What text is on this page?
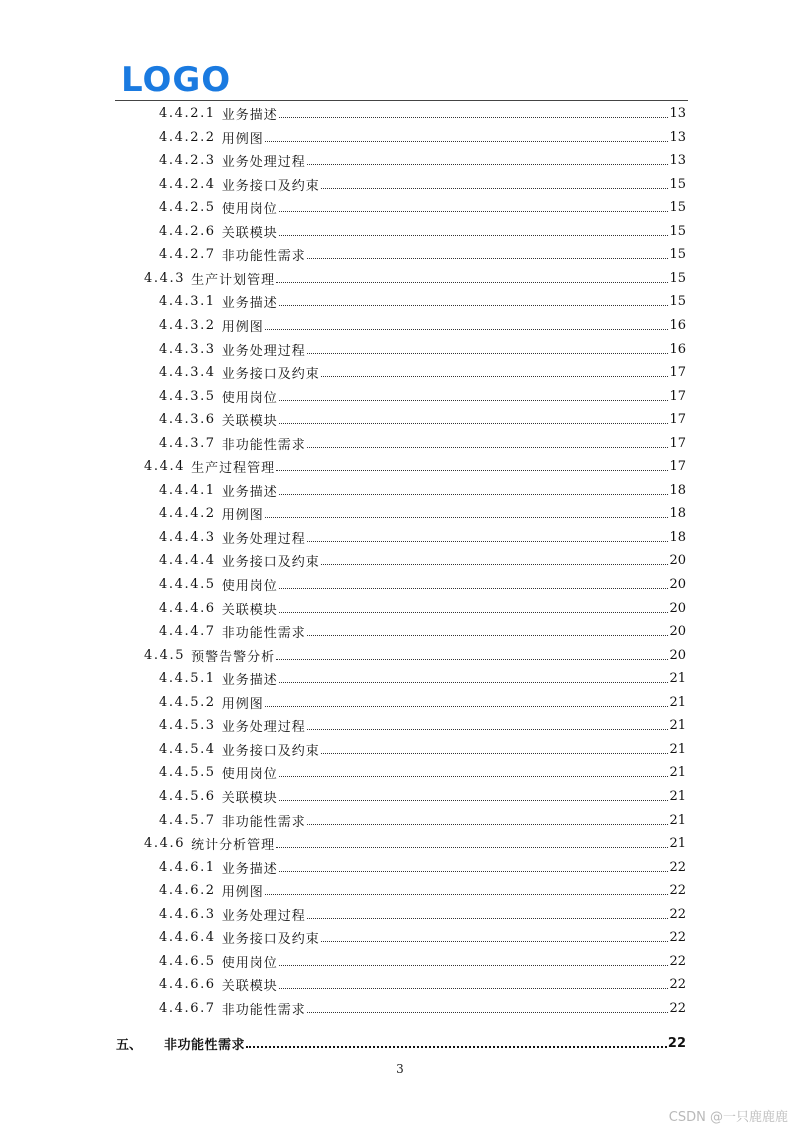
LOGO
4.4.2.1 业务描述	13
4.4.2.2 用例图	13
4.4.2.3 业务处理过程	13
4.4.2.4 业务接口及约束	15
4.4.2.5 使用岗位	15
4.4.2.6 关联模块	15
4.4.2.7 非功能性需求	15
4.4.3 生产计划管理	15
4.4.3.1 业务描述	15
4.4.3.2 用例图	16
4.4.3.3 业务处理过程	16
4.4.3.4 业务接口及约束	17
4.4.3.5 使用岗位	17
4.4.3.6 关联模块	17
4.4.3.7 非功能性需求	17
4.4.4 生产过程管理	17
4.4.4.1 业务描述	18
4.4.4.2 用例图	18
4.4.4.3 业务处理过程	18
4.4.4.4 业务接口及约束	20
4.4.4.5 使用岗位	20
4.4.4.6 关联模块	20
4.4.4.7 非功能性需求	20
4.4.5 预警告警分析	20
4.4.5.1 业务描述	21
4.4.5.2 用例图	21
4.4.5.3 业务处理过程	21
4.4.5.4 业务接口及约束	21
4.4.5.5 使用岗位	21
4.4.5.6 关联模块	21
4.4.5.7 非功能性需求	21
4.4.6 统计分析管理	21
4.4.6.1 业务描述	22
4.4.6.2 用例图	22
4.4.6.3 业务处理过程	22
4.4.6.4 业务接口及约束	22
4.4.6.5 使用岗位	22
4.4.6.6 关联模块	22
4.4.6.7 非功能性需求	22
五、 非功能性需求	22
3
CSDN @一只鹿鹿鹿
